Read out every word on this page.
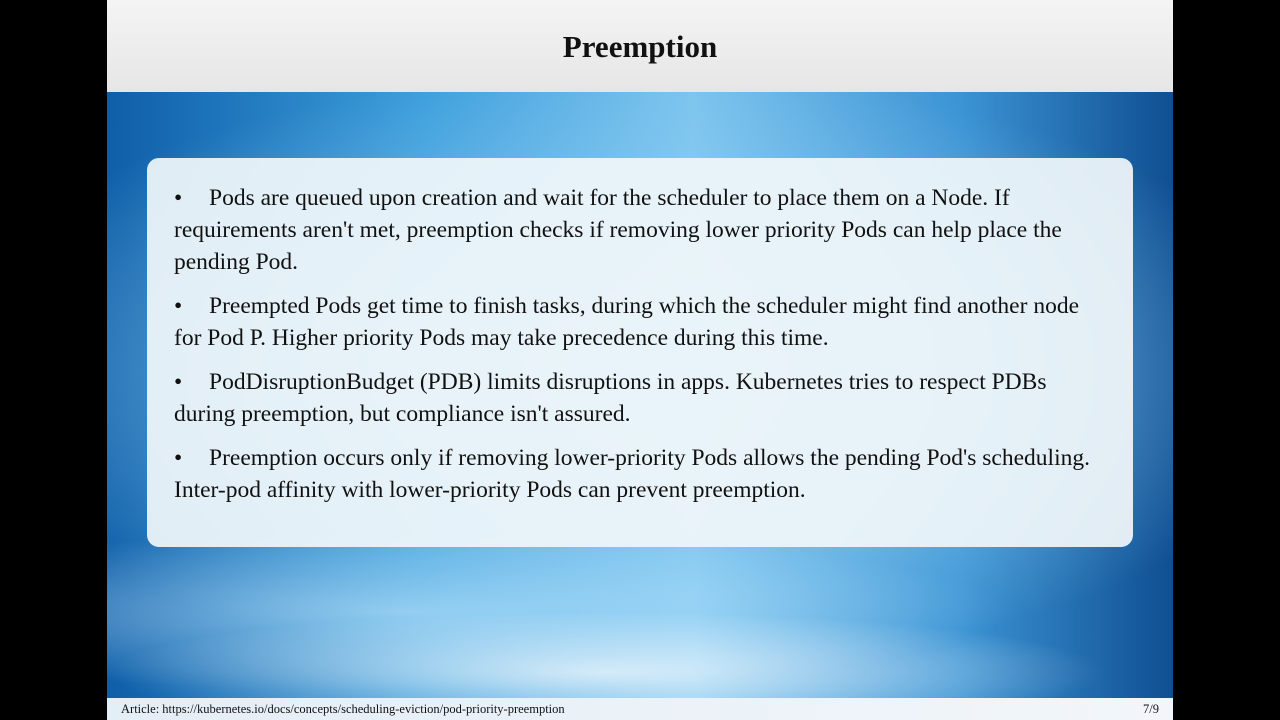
Preemption
• Pods are queued upon creation and wait for the scheduler to place them on a Node. If requirements aren't met, preemption checks if removing lower priority Pods can help place the pending Pod.
• Preempted Pods get time to finish tasks, during which the scheduler might find another node for Pod P. Higher priority Pods may take precedence during this time.
• PodDisruptionBudget (PDB) limits disruptions in apps. Kubernetes tries to respect PDBs during preemption, but compliance isn't assured.
• Preemption occurs only if removing lower-priority Pods allows the pending Pod's scheduling. Inter-pod affinity with lower-priority Pods can prevent preemption.
Article: https://kubernetes.io/docs/concepts/scheduling-eviction/pod-priority-preemption	7/9
